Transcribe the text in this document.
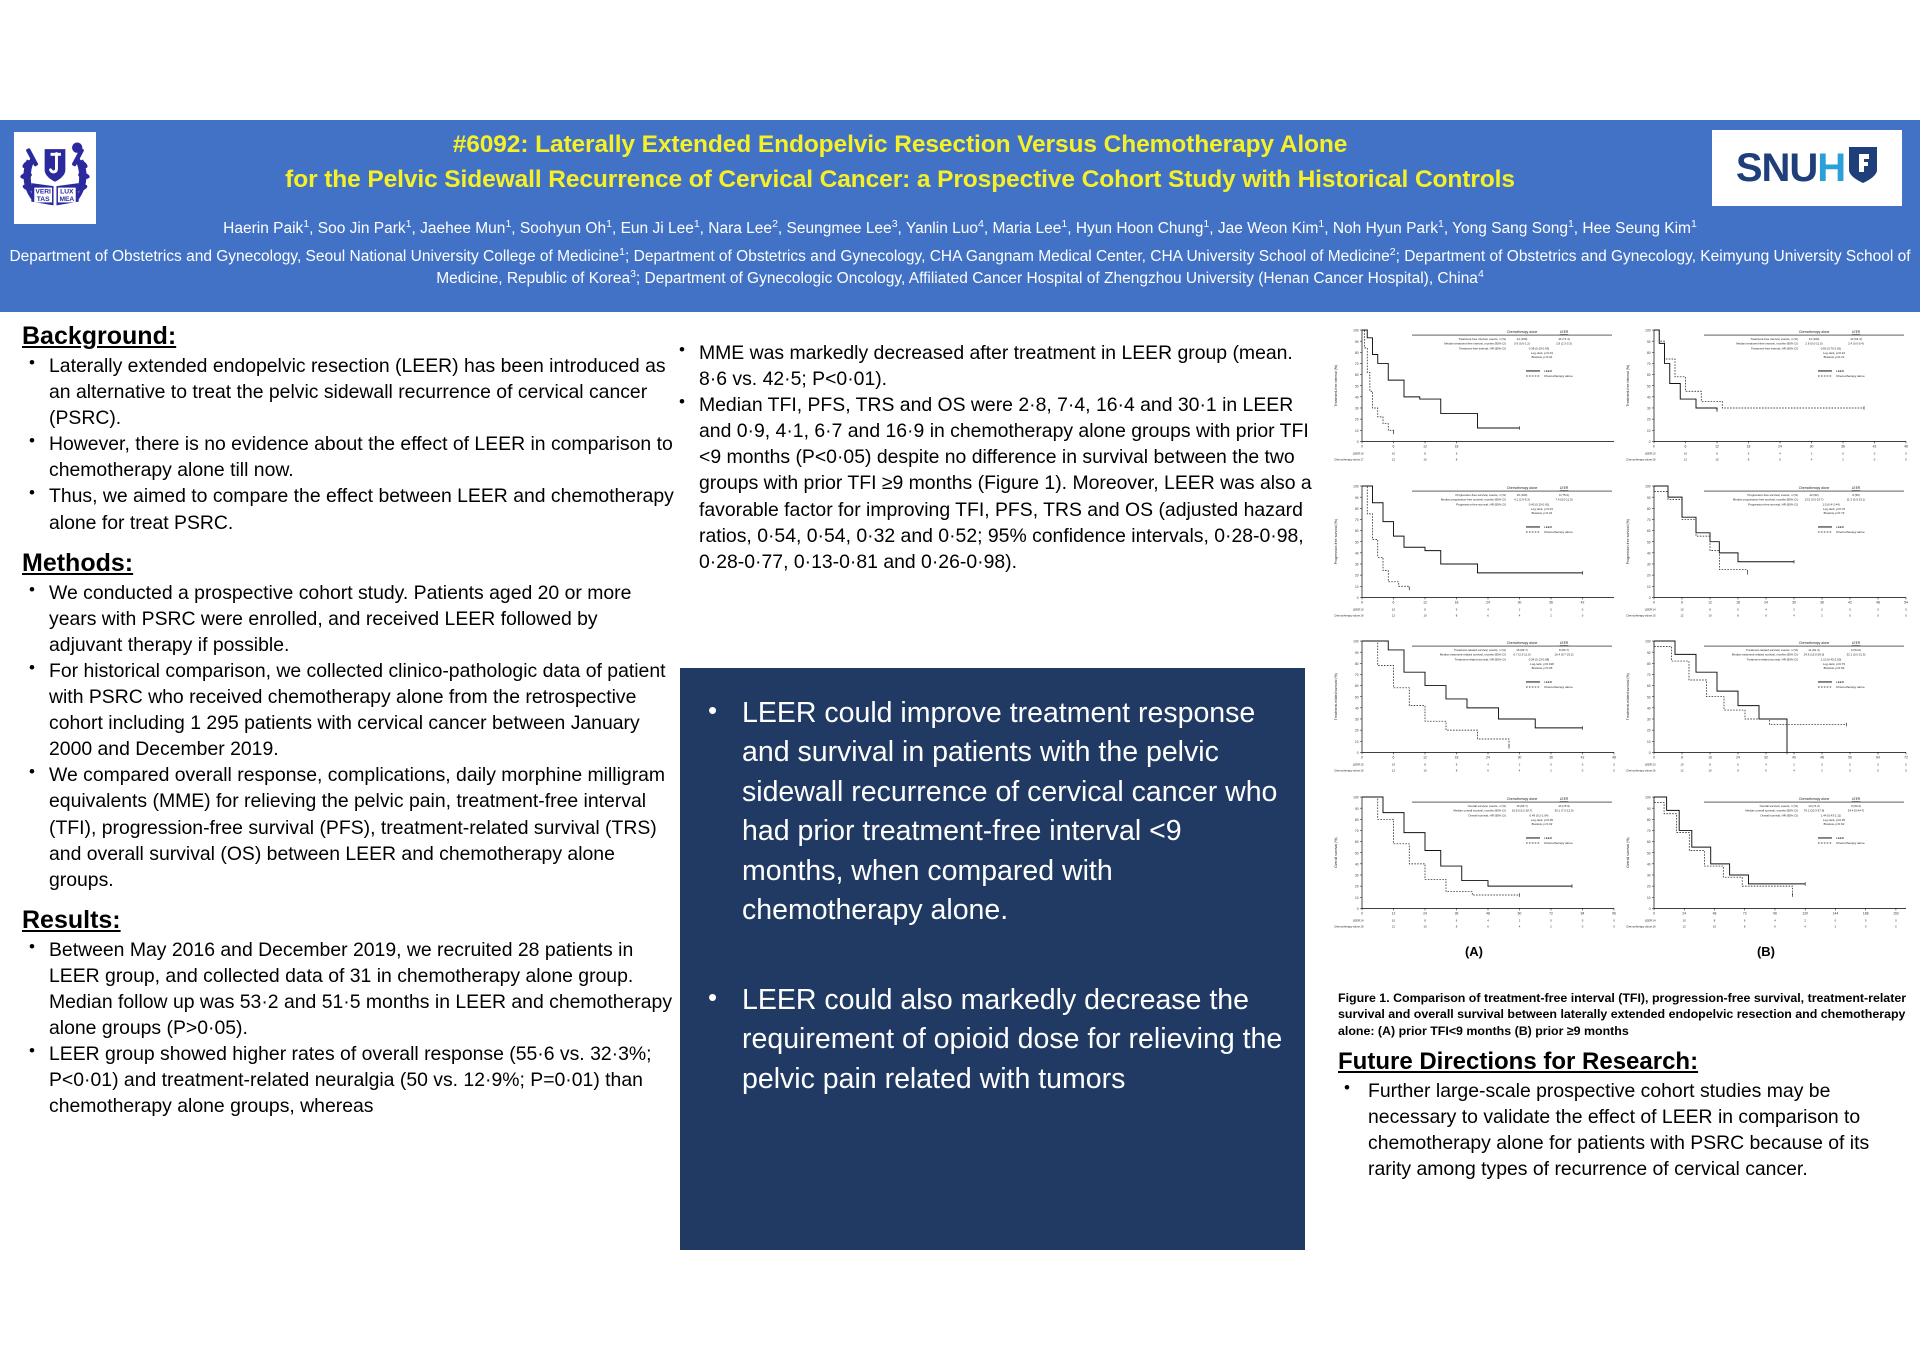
VERI
TAS
LUX
MEA
#6092: Laterally Extended Endopelvic Resection Versus Chemotherapy Alone
for the Pelvic Sidewall Recurrence of Cervical Cancer: a Prospective Cohort Study with Historical Controls
Haerin Paik$^1$, Soo Jin Park$^1$, Jaehee Mun$^1$, Soohyun Oh$^1$, Eun Ji Lee$^1$, Nara Lee$^2$, Seungmee Lee$^3$, Yanlin Luo$^4$, Maria Lee$^1$, Hyun Hoon Chung$^1$, Jae Weon Kim$^1$, Noh Hyun Park$^1$, Yong Sang Song$^1$, Hee Seung Kim$^1$
Department of Obstetrics and Gynecology, Seoul National University College of Medicine$^1$; Department of Obstetrics and Gynecology, CHA Gangnam Medical Center, CHA University School of Medicine$^2$; Department of Obstetrics and Gynecology, Keimyung University School of Medicine, Republic of Korea$^3$; Department of Gynecologic Oncology, Affiliated Cancer Hospital of Zhengzhou University (Henan Cancer Hospital), China$^4$
SNUH
Background:
• Laterally extended endopelvic resection (LEER) has been introduced as an alternative to treat the pelvic sidewall recurrence of cervical cancer (PSRC).
• However, there is no evidence about the effect of LEER in comparison to chemotherapy alone till now.
• Thus, we aimed to compare the effect between LEER and chemotherapy alone for treat PSRC.
Methods:
• We conducted a prospective cohort study. Patients aged 20 or more years with PSRC were enrolled, and received LEER followed by adjuvant therapy if possible.
• For historical comparison, we collected clinico-pathologic data of patient with PSRC who received chemotherapy alone from the retrospective cohort including 1 295 patients with cervical cancer between January 2000 and December 2019.
• We compared overall response, complications, daily morphine milligram equivalents (MME) for relieving the pelvic pain, treatment-free interval (TFI), progression-free survival (PFS), treatment-related survival (TRS) and overall survival (OS) between LEER and chemotherapy alone groups.
Results:
• Between May 2016 and December 2019, we recruited 28 patients in LEER group, and collected data of 31 in chemotherapy alone group. Median follow up was 53·2 and 51·5 months in LEER and chemotherapy alone groups (P>0·05).
• LEER group showed higher rates of overall response (55·6 vs. 32·3%; P<0·01) and treatment-related neuralgia (50 vs. 12·9%; P=0·01) than chemotherapy alone groups, whereas
• MME was markedly decreased after treatment in LEER group (mean. 8·6 vs. 42·5; P<0·01).
• Median TFI, PFS, TRS and OS were 2·8, 7·4, 16·4 and 30·1 in LEER and 0·9, 4·1, 6·7 and 16·9 in chemotherapy alone groups with prior TFI <9 months (P<0·05) despite no difference in survival between the two groups with prior TFI ≥9 months (Figure 1). Moreover, LEER was also a favorable factor for improving TFI, PFS, TRS and OS (adjusted hazard ratios, 0·54, 0·54, 0·32 and 0·52; 95% confidence intervals, 0·28-0·98, 0·28-0·77, 0·13-0·81 and 0·26-0·98).
• LEER could improve treatment response and survival in patients with the pelvic sidewall recurrence of cervical cancer who had prior treatment-free interval <9 months, when compared with chemotherapy alone.
• LEER could also markedly decrease the requirement of opioid dose for relieving the pelvic pain related with tumors
0
10
20
30
40
50
60
70
80
90
100
0	6	12	18
Treatment-free interval (%)
Chemotherapy alone	LEER
Treatment-free interval, events, n (%)	14 (100)	10 (71.4)
Median treatment-free interval, months (95% CI)	0.9 (0.6-1.2)	2.8 (2.3-3.3)
Treatment-free interval, HR (95% CI)	0.38 (0.15-0.93)
Log-rank, p<0.01
Breslow, p<0.01
LEER
Chemotherapy alone
LEER
Chemotherapy alone
16
17
10
12
8
10
6
8
0
10
20
30
40
50
60
70
80
90
100
0	6	12	18	24	30	36	42	48
Treatment-free interval (%)
Chemotherapy alone	LEER
Treatment-free interval, events, n (%)	13 (100)	10 (64.3)
Median treatment-free interval, months (95% CI)	2.6 (0.0-11.0)	2.4 (0.0-5.4)
Treatment-free interval, HR (95% CI)	0.82 (0.70-2.81)
Log-rank, p=0.24
Breslow, p=0.21
LEER
Chemotherapy alone
LEER
Chemotherapy alone
13
16
10
12
8
10
6
8
4
6
2
4
0
2
0
0
0
0
0
10
20
30
40
50
60
70
80
90
100
0	6	12	18	24	30	36	42
Progression-free survival (%)
Chemotherapy alone	LEER
Progression-free survival, events, n (%)	15 (100)	9 (75.0)
Median progression-free survival, months (95% CI)	4.1 (2.9-5.3)	7.4 (5.0-11.0)
Progression-free survival, HR (95% CI)	0.40 (0.15-0.91)
Log-rank, p<0.01
Breslow, p<0.01
LEER
Chemotherapy alone
LEER
Chemotherapy alone
15
16
10
12
8
10
6
8
4
6
2
4
0
2
0
0
0
10
20
30
40
50
60
70
80
90
100
0	6	12	18	24	30	36	42	48	54
Progression-free survival (%)
Chemotherapy alone	LEER
Progression-free survival, events, n (%)	12 (92)	9 (50)
Median progression-free survival, months (95% CI) 13.5 (3.0-23.7)	11.3 (0.0-23.1)
Progression-free survival, HR (95% CI)	1.0 (0.4-2.44)
Log-rank, p=0.79
Breslow, p=0.73
LEER
Chemotherapy alone
LEER
Chemotherapy alone
14
15
10
12
8
10
6
8
4
6
2
4
0
2
0
0
0
0
0
0
0
10
20
30
40
50
60
70
80
90
100
0	6	12	18	24	30	36	42	48
Treatment-related survival (%)
Chemotherapy alone	LEER
Treatment-related survival, events, n (%)	16 (93.7)	8 (66.7)
Median treatment-related survival, months (95% CI)	6.7 (2.3-11.0)	16.4 (9.7-23.2)
Treatment-related survival, HR (95% CI)	0.34 (0.13-0.88)
Log-rank, p=0.018
Breslow, p<0.05
LEER
Chemotherapy alone
LEER
Chemotherapy alone
15
16
10
12
8
10
6
8
4
6
2
4
0
2
0
0
0
0
0
10
20
30
40
50
60
70
80
90
100
0	8	16	24	32	40	48	56	64	72
Treatment-related survival (%)
Chemotherapy alone	LEER
Treatment-related survival, events, n (%)	11 (91.4)	9 (54.0)
Median treatment-related survival, months (95% CI) 24.6 (15.0-29.0)	32.1 (0.0-21.5)
Treatment-related survival, HR (95% CI)	1.10 (0.45-2.50)
Log-rank, p=0.79
Breslow, p=0.92
LEER
Chemotherapy alone
LEER
Chemotherapy alone
13
16
10
12
8
10
6
8
4
6
2
4
0
2
0
0
0
0
0
0
0
10
20
30
40
50
60
70
80
90
100
0	12	24	36	48	60	72	84	96
Overall survival (%)
Chemotherapy alone	LEER
Overall survival, events, n (%)	15 (93.7)	10 (76.9)
Median overall survival, months (95% CI) 16.9 (13.2-18.7)	30.1 (7.5-12.0)
Overall survival, HR (95% CI)	0.49 (0.2-1.04)
Log-rank, p=0.05
Breslow, p<0.02
LEER
Chemotherapy alone
LEER
Chemotherapy alone
14
16
10
12
8
10
6
8
4
6
2
4
0
2
0
0
0
0
0
10
20
30
40
50
60
70
80
90
100
0	24	48	72	96	120	144	168	192
Overall survival (%)
Chemotherapy alone	LEER
Overall survival, events, n (%)	13 (71.2)	9 (50.2)
Median overall survival, months (95% CI) 79.1 (20.3-37.9)	34.4 (9.44-7)
Overall survival, HR (95% CI)	1.44 (0.43-2.11)
Log-rank, p=0.35
Breslow, p=0.62
LEER
Chemotherapy alone
LEER
Chemotherapy alone
14
16
10
12
8
10
6
8
4
6
2
4
0
2
0
0
0
0
(A)	(B)
Figure 1. Comparison of treatment-free interval (TFI), progression-free survival, treatment-relater survival and overall survival between laterally extended endopelvic resection and chemotherapy alone: (A) prior TFI<9 months (B) prior ≥9 months
Future Directions for Research:
• Further large-scale prospective cohort studies may be necessary to validate the effect of LEER in comparison to chemotherapy alone for patients with PSRC because of its rarity among types of recurrence of cervical cancer.
